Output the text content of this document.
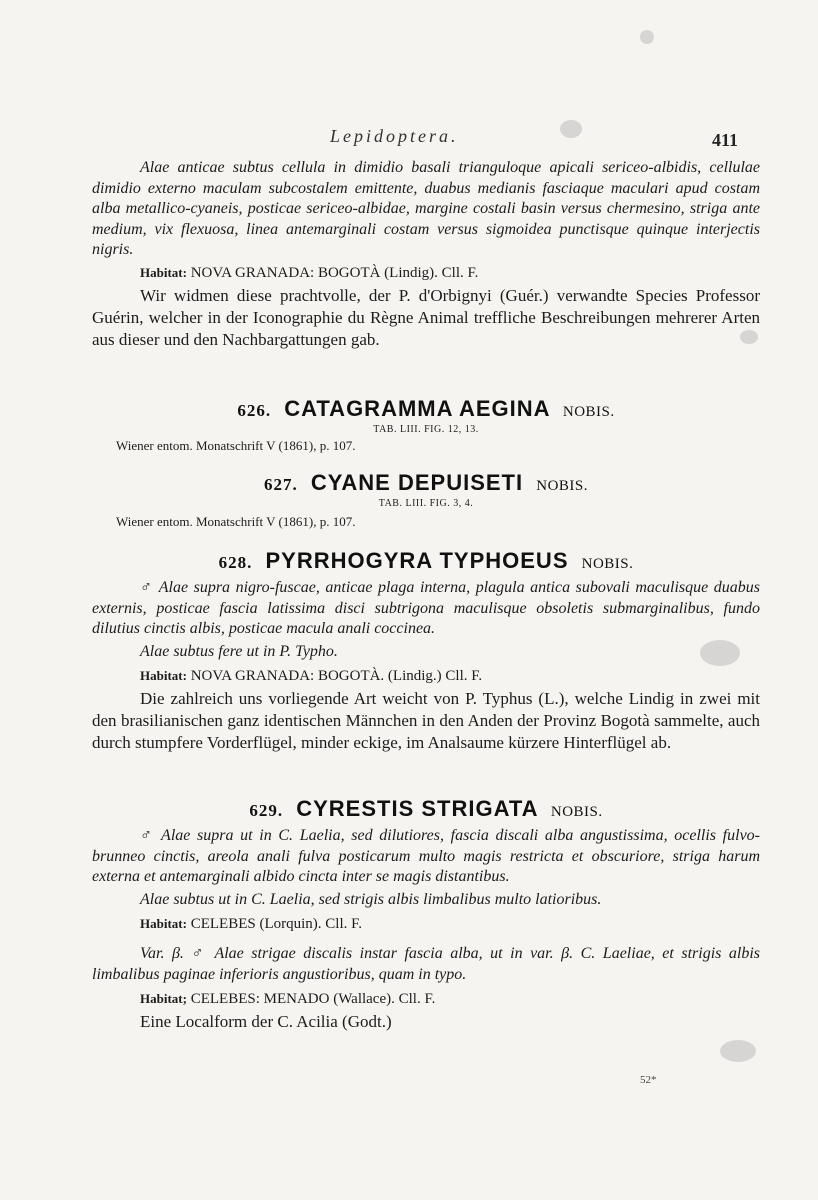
Lepidoptera.	411

Alae anticae subtus cellula in dimidio basali trianguloque apicali sericeo-albidis, cellulae dimidio externo maculam subcostalem emittente, duabus medianis fasciaque maculari apud costam alba metallico-cyaneis, posticae sericeo-albidae, margine costali basin versus chermesino, striga ante medium, vix flexuosa, linea antemarginali costam versus sigmoidea punctisque quinque interjectis nigris.

Habitat: NOVA GRANADA: BOGOTÀ (Lindig). Cll. F.

Wir widmen diese prachtvolle, der P. d'Orbignyi (Guér.) verwandte Species Professor Guérin, welcher in der Iconographie du Règne Animal treffliche Beschreibungen mehrerer Arten aus dieser und den Nachbargattungen gab.

626. CATAGRAMMA AEGINA NOBIS.
TAB. LIII. FIG. 12, 13.
Wiener entom. Monatschrift V (1861), p. 107.
627. CYANE DEPUISETI NOBIS.
TAB. LIII. FIG. 3, 4.
Wiener entom. Monatschrift V (1861), p. 107.
628. PYRRHOGYRA TYPHOEUS NOBIS.

♂ Alae supra nigro-fuscae, anticae plaga interna, plagula antica subovali maculisque duabus externis, posticae fascia latissima disci subtrigona maculisque obsoletis submarginalibus, fundo dilutius cinctis albis, posticae macula anali coccinea.

Alae subtus fere ut in P. Typho.

Habitat: NOVA GRANADA: BOGOTÀ. (Lindig.) Cll. F.

Die zahlreich uns vorliegende Art weicht von P. Typhus (L.), welche Lindig in zwei mit den brasilianischen ganz identischen Männchen in den Anden der Provinz Bogotà sammelte, auch durch stumpfere Vorderflügel, minder eckige, im Analsaume kürzere Hinterflügel ab.

629. CYRESTIS STRIGATA NOBIS.

♂ Alae supra ut in C. Laelia, sed dilutiores, fascia discali alba angustissima, ocellis fulvo-brunneo cinctis, areola anali fulva posticarum multo magis restricta et obscuriore, striga harum externa et antemarginali albido cincta inter se magis distantibus.

Alae subtus ut in C. Laelia, sed strigis albis limbalibus multo latioribus.

Habitat: CELEBES (Lorquin). Cll. F.

Var. β. ♂ Alae strigae discalis instar fascia alba, ut in var. β. C. Laeliae, et strigis albis limbalibus paginae inferioris angustioribus, quam in typo.

Habitat; CELEBES: MENADO (Wallace). Cll. F.

Eine Localform der C. Acilia (Godt.)

52*
